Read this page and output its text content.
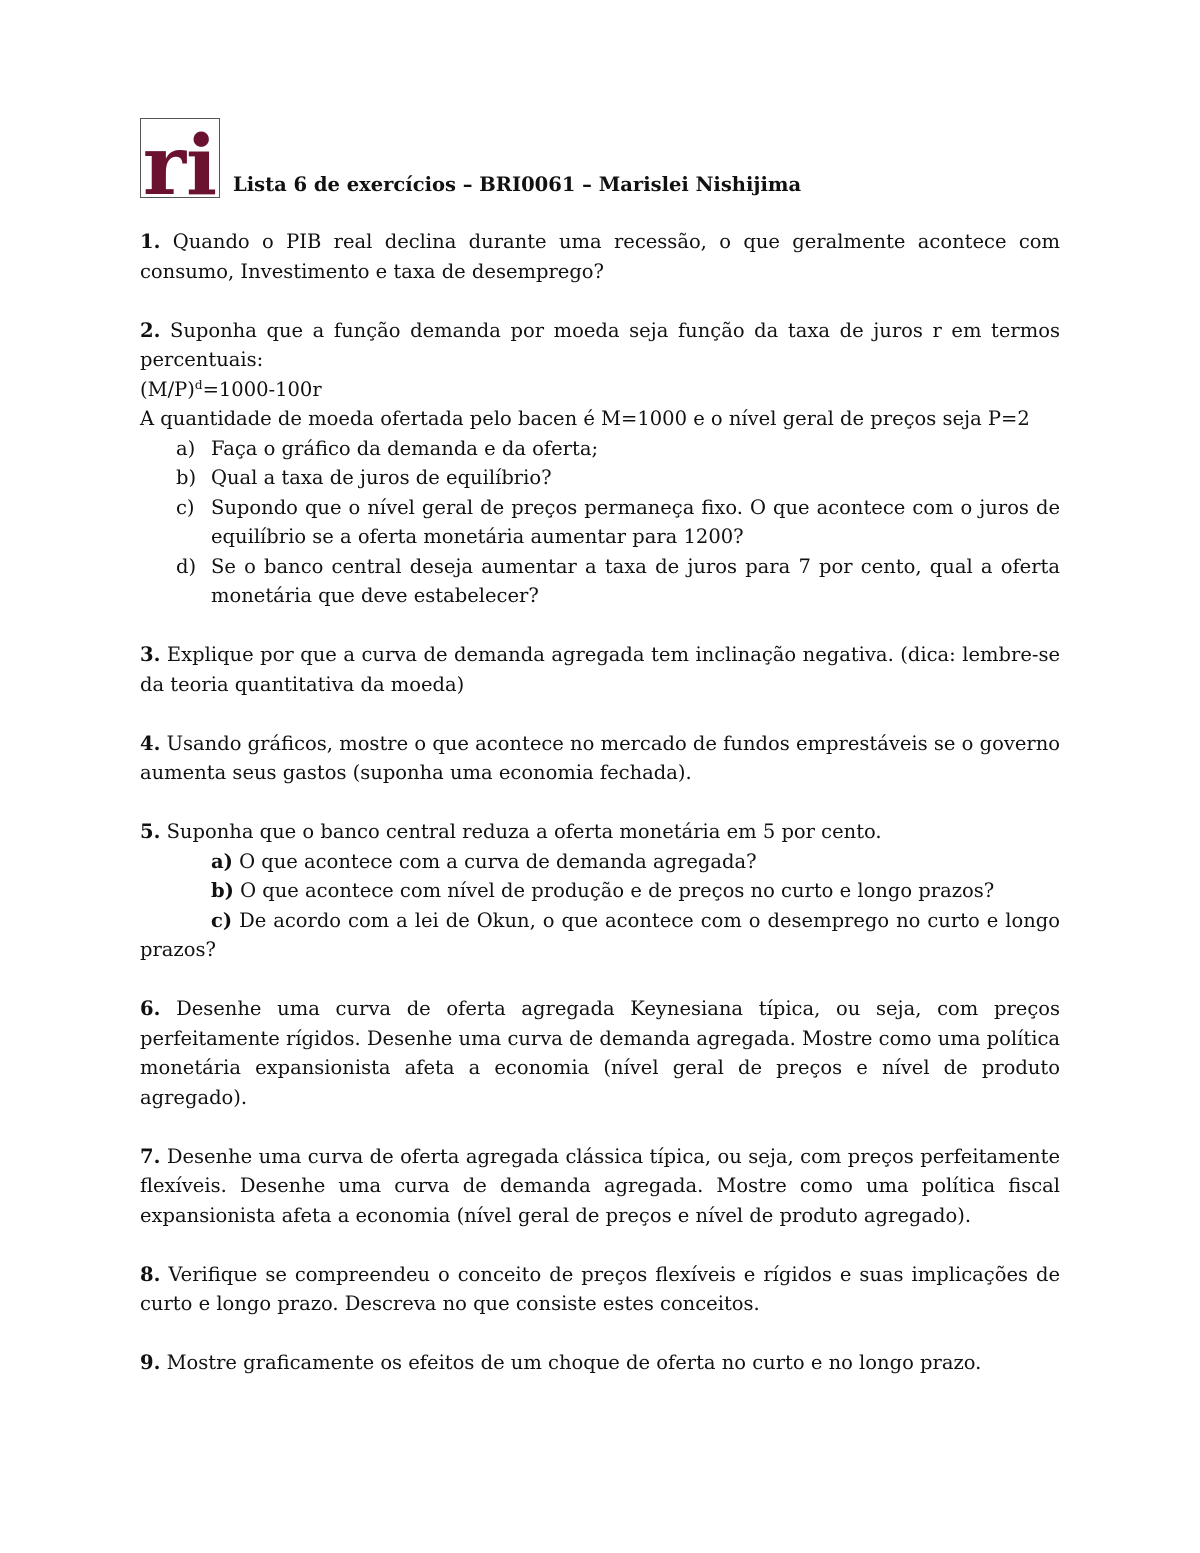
ri Lista 6 de exercícios – BRI0061 – Marislei Nishijima

1. Quando o PIB real declina durante uma recessão, o que geralmente acontece com consumo, Investimento e taxa de desemprego?

2. Suponha que a função demanda por moeda seja função da taxa de juros r em termos percentuais:

$(M/P)^d=1000-100r$

A quantidade de moeda ofertada pelo bacen é M=1000 e o nível geral de preços seja P=2

a) Faça o gráfico da demanda e da oferta;
b) Qual a taxa de juros de equilíbrio?
c) Supondo que o nível geral de preços permaneça fixo. O que acontece com o juros de equilíbrio se a oferta monetária aumentar para 1200?
d) Se o banco central deseja aumentar a taxa de juros para 7 por cento, qual a oferta monetária que deve estabelecer?

3. Explique por que a curva de demanda agregada tem inclinação negativa. (dica: lembre-se da teoria quantitativa da moeda)

4. Usando gráficos, mostre o que acontece no mercado de fundos emprestáveis se o governo aumenta seus gastos (suponha uma economia fechada).

5. Suponha que o banco central reduza a oferta monetária em 5 por cento.

a) O que acontece com a curva de demanda agregada?

b) O que acontece com nível de produção e de preços no curto e longo prazos?

c) De acordo com a lei de Okun, o que acontece com o desemprego no curto e longo prazos?

6. Desenhe uma curva de oferta agregada Keynesiana típica, ou seja, com preços perfeitamente rígidos. Desenhe uma curva de demanda agregada. Mostre como uma política monetária expansionista afeta a economia (nível geral de preços e nível de produto agregado).

7. Desenhe uma curva de oferta agregada clássica típica, ou seja, com preços perfeitamente flexíveis. Desenhe uma curva de demanda agregada. Mostre como uma política fiscal expansionista afeta a economia (nível geral de preços e nível de produto agregado).

8. Verifique se compreendeu o conceito de preços flexíveis e rígidos e suas implicações de curto e longo prazo. Descreva no que consiste estes conceitos.

9. Mostre graficamente os efeitos de um choque de oferta no curto e no longo prazo.
